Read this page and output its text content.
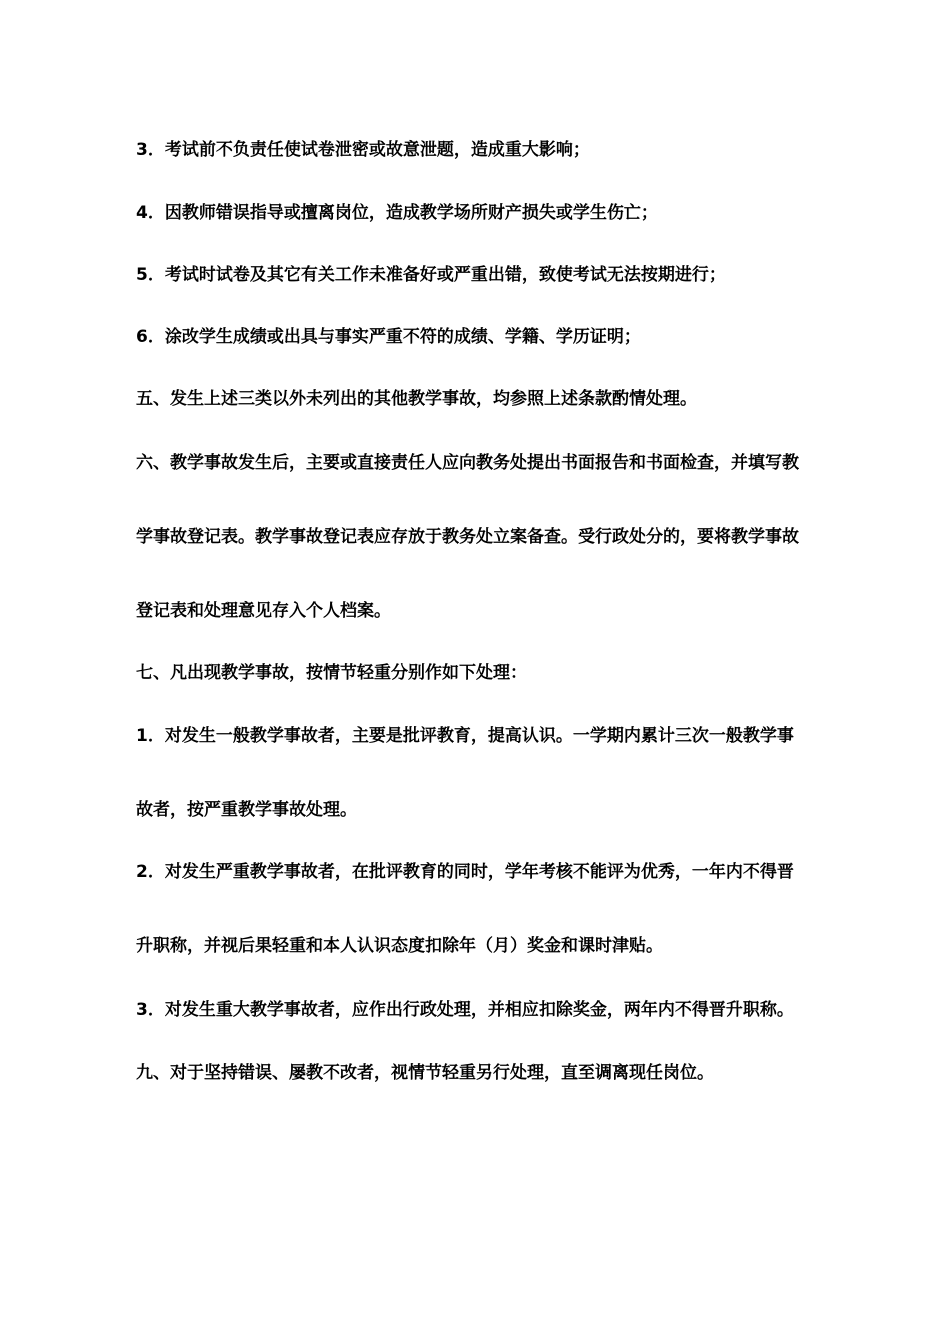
3．考试前不负责任使试卷泄密或故意泄题，造成重大影响；
4．因教师错误指导或擅离岗位，造成教学场所财产损失或学生伤亡；
5．考试时试卷及其它有关工作未准备好或严重出错，致使考试无法按期进行；
6．涂改学生成绩或出具与事实严重不符的成绩、学籍、学历证明；
五、发生上述三类以外未列出的其他教学事故，均参照上述条款酌情处理。
六、教学事故发生后，主要或直接责任人应向教务处提出书面报告和书面检查，并填写教
学事故登记表。教学事故登记表应存放于教务处立案备查。受行政处分的，要将教学事故
登记表和处理意见存入个人档案。
七、凡出现教学事故，按情节轻重分别作如下处理：
1．对发生一般教学事故者，主要是批评教育，提高认识。一学期内累计三次一般教学事
故者，按严重教学事故处理。
2．对发生严重教学事故者，在批评教育的同时，学年考核不能评为优秀，一年内不得晋
升职称，并视后果轻重和本人认识态度扣除年（月）奖金和课时津贴。
3．对发生重大教学事故者，应作出行政处理，并相应扣除奖金，两年内不得晋升职称。
九、对于坚持错误、屡教不改者，视情节轻重另行处理，直至调离现任岗位。
